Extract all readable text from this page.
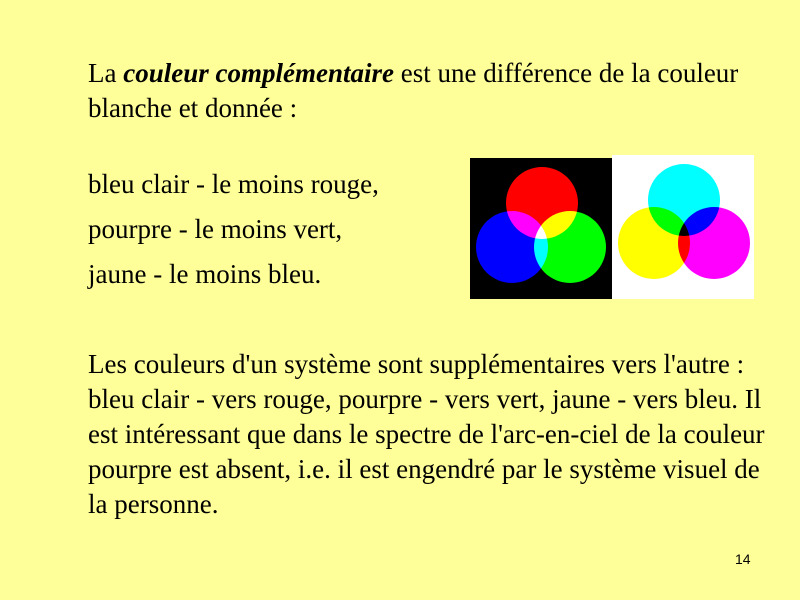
La couleur complémentaire est une différence de la couleur blanche et donnée :

bleu clair - le moins rouge,
pourpre - le moins vert,
jaune - le moins bleu.

Les couleurs d'un système sont supplémentaires vers l'autre : bleu clair - vers rouge, pourpre - vers vert, jaune - vers bleu. Il est intéressant que dans le spectre de l'arc-en-ciel de la couleur pourpre est absent, i.e. il est engendré par le système visuel de la personne.

14
